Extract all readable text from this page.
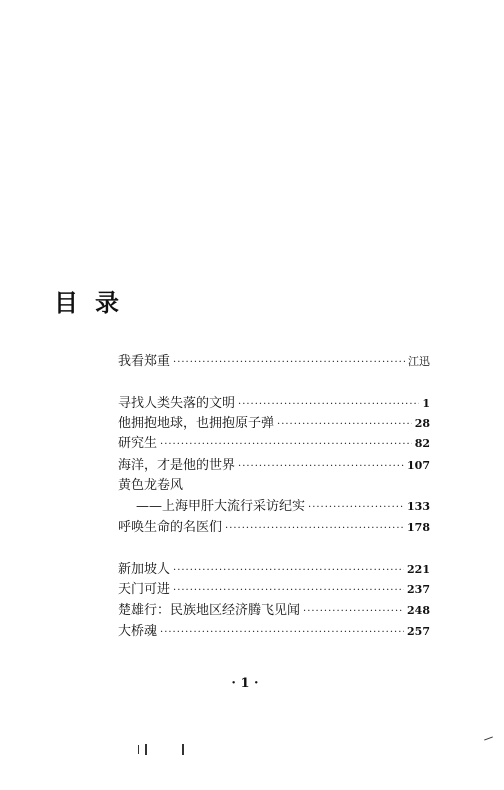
目 录
我看郑重 ·····	江迅
寻找人类失落的文明 ·····	1
他拥抱地球，也拥抱原子弹 ·····	28
研究生 ·····	82
海洋，才是他的世界 ·····	107
黄色龙卷风
——上海甲肝大流行采访纪实 ·····	133
呼唤生命的名医们 ·····	178
新加坡人 ·····	221
天门可进 ·····	237
楚雄行：民族地区经济腾飞见闻 ·····	248
大桥魂 ·····	257
· 1 ·
